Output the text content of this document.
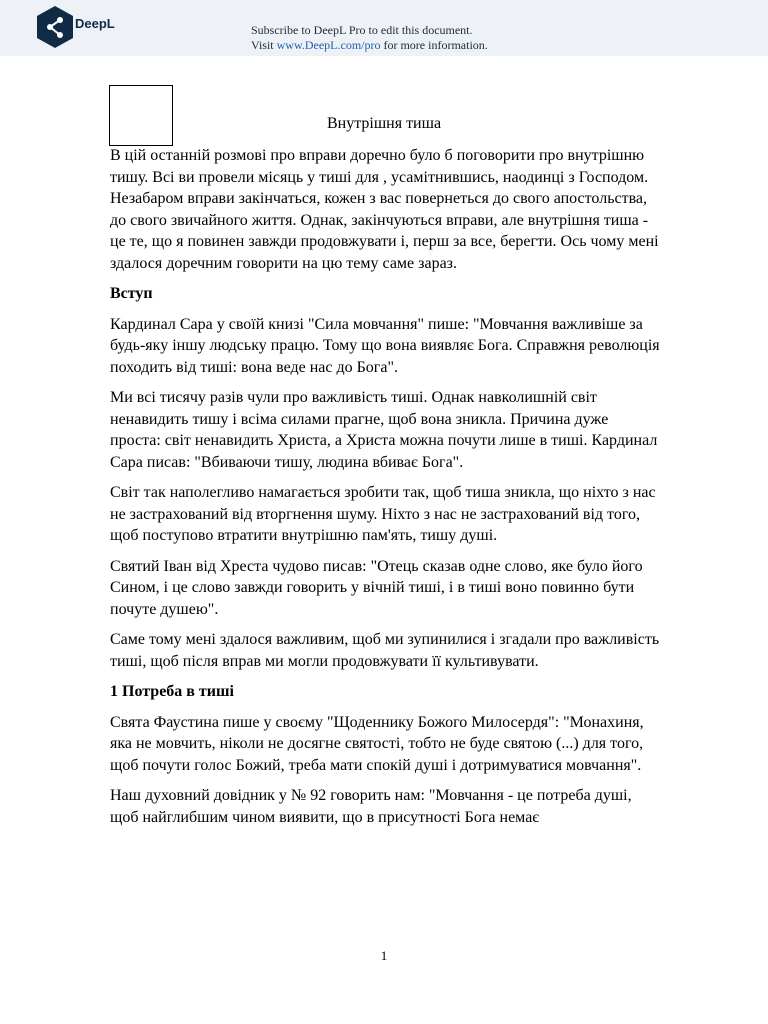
DeepL	Subscribe to DeepL Pro to edit this document.
Visit www.DeepL.com/pro for more information.
Внутрішня тиша

В цій останній розмові про вправи доречно було б поговорити про внутрішню тишу. Всі ви провели місяць у тиші для , усамітнившись, наодинці з Господом. Незабаром вправи закінчаться, кожен з вас повернеться до свого апостольства, до свого звичайного життя. Однак, закінчуються вправи, але внутрішня тиша - це те, що я повинен завжди продовжувати і, перш за все, берегти. Ось чому мені здалося доречним говорити на цю тему саме зараз.

Вступ

Кардинал Сара у своїй книзі "Сила мовчання" пише: "Мовчання важливіше за будь-яку іншу людську працю. Тому що вона виявляє Бога. Справжня революція походить від тиші: вона веде нас до Бога".

Ми всі тисячу разів чули про важливість тиші. Однак навколишній світ ненавидить тишу і всіма силами прагне, щоб вона зникла. Причина дуже проста: світ ненавидить Христа, а Христа можна почути лише в тиші. Кардинал Сара писав: "Вбиваючи тишу, людина вбиває Бога".

Світ так наполегливо намагається зробити так, щоб тиша зникла, що ніхто з нас не застрахований від вторгнення шуму. Ніхто з нас не застрахований від того, щоб поступово втратити внутрішню пам'ять, тишу душі.

Святий Іван від Хреста чудово писав: "Отець сказав одне слово, яке було його Сином, і це слово завжди говорить у вічній тиші, і в тиші воно повинно бути почуте душею".

Саме тому мені здалося важливим, щоб ми зупинилися і згадали про важливість тиші, щоб після вправ ми могли продовжувати її культивувати.

1 Потреба в тиші

Свята Фаустина пише у своєму "Щоденнику Божого Милосердя": "Монахиня, яка не мовчить, ніколи не досягне святості, тобто не буде святою (...) для того, щоб почути голос Божий, треба мати спокій душі і дотримуватися мовчання".

Наш духовний довідник у № 92 говорить нам: "Мовчання - це потреба душі, щоб найглибшим чином виявити, що в присутності Бога немає

1
